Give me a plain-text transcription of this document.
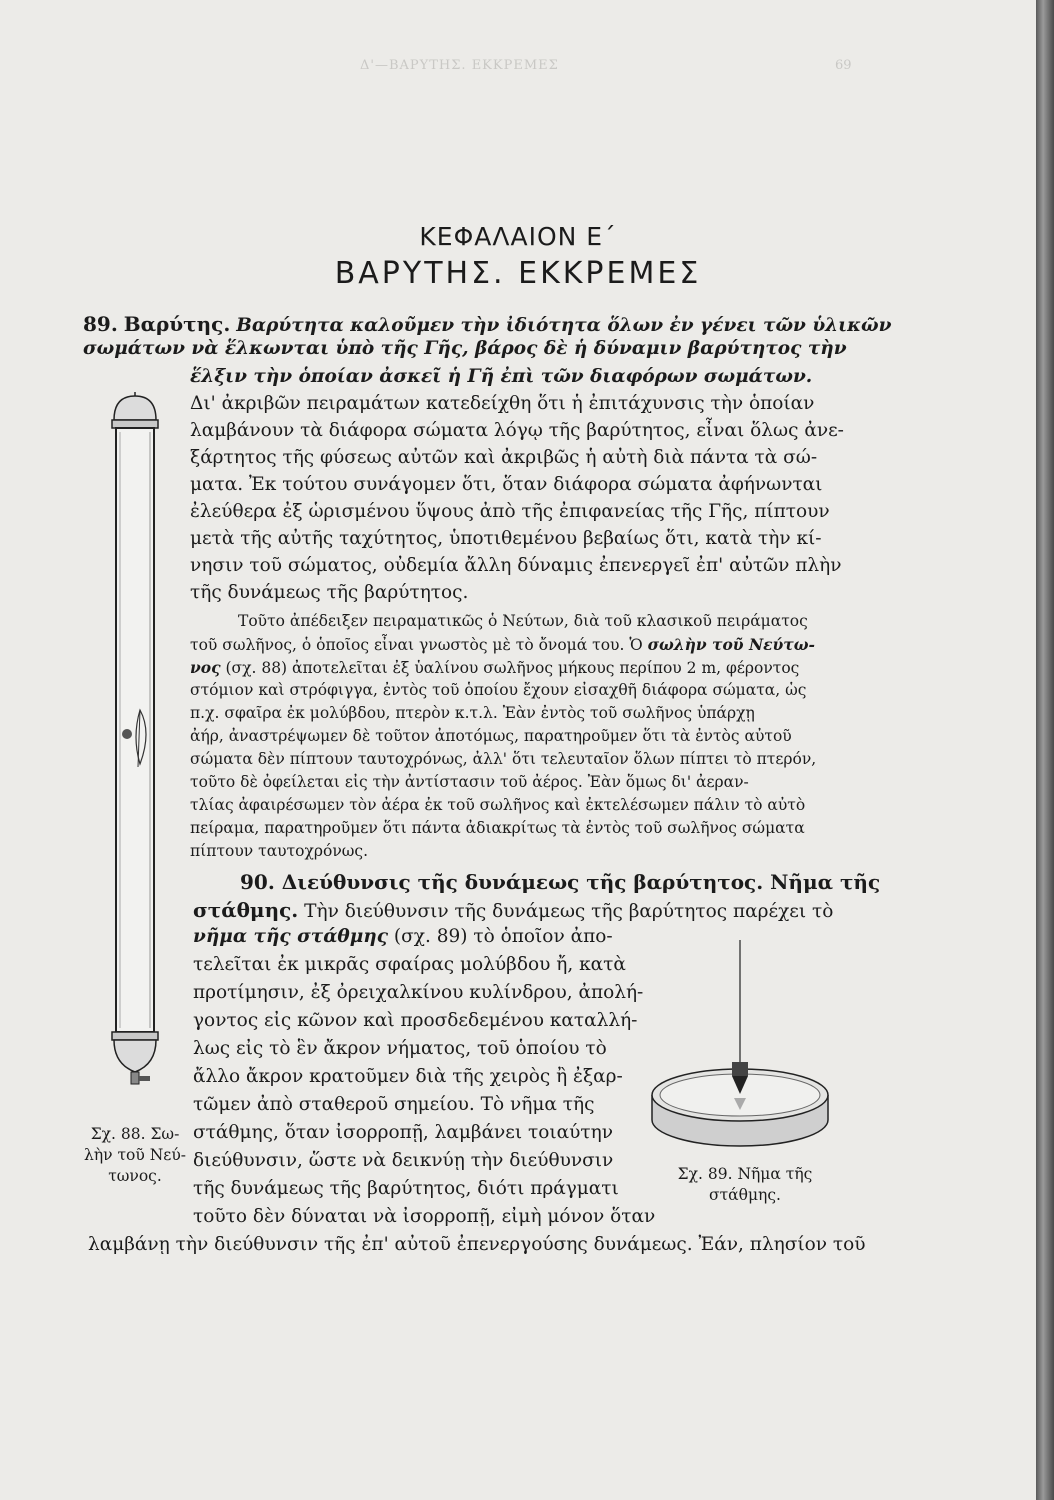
Δ'—ΒΑΡΥΤΗΣ. ΕΚΚΡΕΜΕΣ	69
ΚΕΦΑΛΑΙΟΝ Ε΄
ΒΑΡΥΤΗΣ. ΕΚΚΡΕΜΕΣ
89. Βαρύτης. Βαρύτητα καλοῦμεν τὴν ἰδιότητα ὅλων ἐν γένει τῶν ὑλικῶν
σωμάτων νὰ ἕλκωνται ὑπὸ τῆς Γῆς, βάρος δὲ ἡ δύναμιν βαρύτητος τὴν
ἕλξιν τὴν ὁποίαν ἀσκεῖ ἡ Γῆ ἐπὶ τῶν διαφόρων σωμάτων.
Δι' ἀκριβῶν πειραμάτων κατεδείχθη ὅτι ἡ ἐπιτάχυνσις τὴν ὁποίαν
λαμβάνουν τὰ διάφορα σώματα λόγῳ τῆς βαρύτητος, εἶναι ὅλως ἀνε-
ξάρτητος τῆς φύσεως αὐτῶν καὶ ἀκριβῶς ἡ αὐτὴ διὰ πάντα τὰ σώ-
ματα. Ἐκ τούτου συνάγομεν ὅτι, ὅταν διάφορα σώματα ἀφήνωνται
ἐλεύθερα ἐξ ὡρισμένου ὕψους ἀπὸ τῆς ἐπιφανείας τῆς Γῆς, πίπτουν
μετὰ τῆς αὐτῆς ταχύτητος, ὑποτιθεμένου βεβαίως ὅτι, κατὰ τὴν κί-
νησιν τοῦ σώματος, οὐδεμία ἄλλη δύναμις ἐπενεργεῖ ἐπ' αὐτῶν πλὴν
τῆς δυνάμεως τῆς βαρύτητος.
Τοῦτο ἀπέδειξεν πειραματικῶς ὁ Νεύτων, διὰ τοῦ κλασικοῦ πειράματος
τοῦ σωλῆνος, ὁ ὁποῖος εἶναι γνωστὸς μὲ τὸ ὄνομά του. Ὁ σωλὴν τοῦ Νεύτω-
νος (σχ. 88) ἀποτελεῖται ἐξ ὑαλίνου σωλῆνος μήκους περίπου 2 m, φέροντος
στόμιον καὶ στρόφιγγα, ἐντὸς τοῦ ὁποίου ἔχουν εἰσαχθῆ διάφορα σώματα, ὡς
π.χ. σφαῖρα ἐκ μολύβδου, πτερὸν κ.τ.λ. Ἐὰν ἐντὸς τοῦ σωλῆνος ὑπάρχῃ
ἀήρ, ἀναστρέψωμεν δὲ τοῦτον ἀποτόμως, παρατηροῦμεν ὅτι τὰ ἐντὸς αὐτοῦ
σώματα δὲν πίπτουν ταυτοχρόνως, ἀλλ' ὅτι τελευταῖον ὅλων πίπτει τὸ πτερόν,
τοῦτο δὲ ὀφείλεται εἰς τὴν ἀντίστασιν τοῦ ἀέρος. Ἐὰν ὅμως δι' ἀεραν-
τλίας ἀφαιρέσωμεν τὸν ἀέρα ἐκ τοῦ σωλῆνος καὶ ἐκτελέσωμεν πάλιν τὸ αὐτὸ
πείραμα, παρατηροῦμεν ὅτι πάντα ἀδιακρίτως τὰ ἐντὸς τοῦ σωλῆνος σώματα
πίπτουν ταυτοχρόνως.
90. Διεύθυνσις τῆς δυνάμεως τῆς βαρύτητος. Νῆμα τῆς
στάθμης. Τὴν διεύθυνσιν τῆς δυνάμεως τῆς βαρύτητος παρέχει τὸ
νῆμα τῆς στάθμης (σχ. 89) τὸ ὁποῖον ἀπο-
τελεῖται ἐκ μικρᾶς σφαίρας μολύβδου ἤ, κατὰ
προτίμησιν, ἐξ ὀρειχαλκίνου κυλίνδρου, ἀπολή-
γοντος εἰς κῶνον καὶ προσδεδεμένου καταλλή-
λως εἰς τὸ ἓν ἄκρον νήματος, τοῦ ὁποίου τὸ
ἄλλο ἄκρον κρατοῦμεν διὰ τῆς χειρὸς ἢ ἐξαρ-
τῶμεν ἀπὸ σταθεροῦ σημείου. Τὸ νῆμα τῆς
στάθμης, ὅταν ἰσορροπῇ, λαμβάνει τοιαύτην
διεύθυνσιν, ὥστε νὰ δεικνύῃ τὴν διεύθυνσιν
τῆς δυνάμεως τῆς βαρύτητος, διότι πράγματι
τοῦτο δὲν δύναται νὰ ἰσορροπῇ, εἰμὴ μόνον ὅταν
λαμβάνῃ τὴν διεύθυνσιν τῆς ἐπ' αὐτοῦ ἐπενεργούσης δυνάμεως. Ἐάν, πλησίον τοῦ
Σχ. 88. Σω-
λὴν τοῦ Νεύ-
τωνος.	Σχ. 89. Νῆμα τῆς
στάθμης.
